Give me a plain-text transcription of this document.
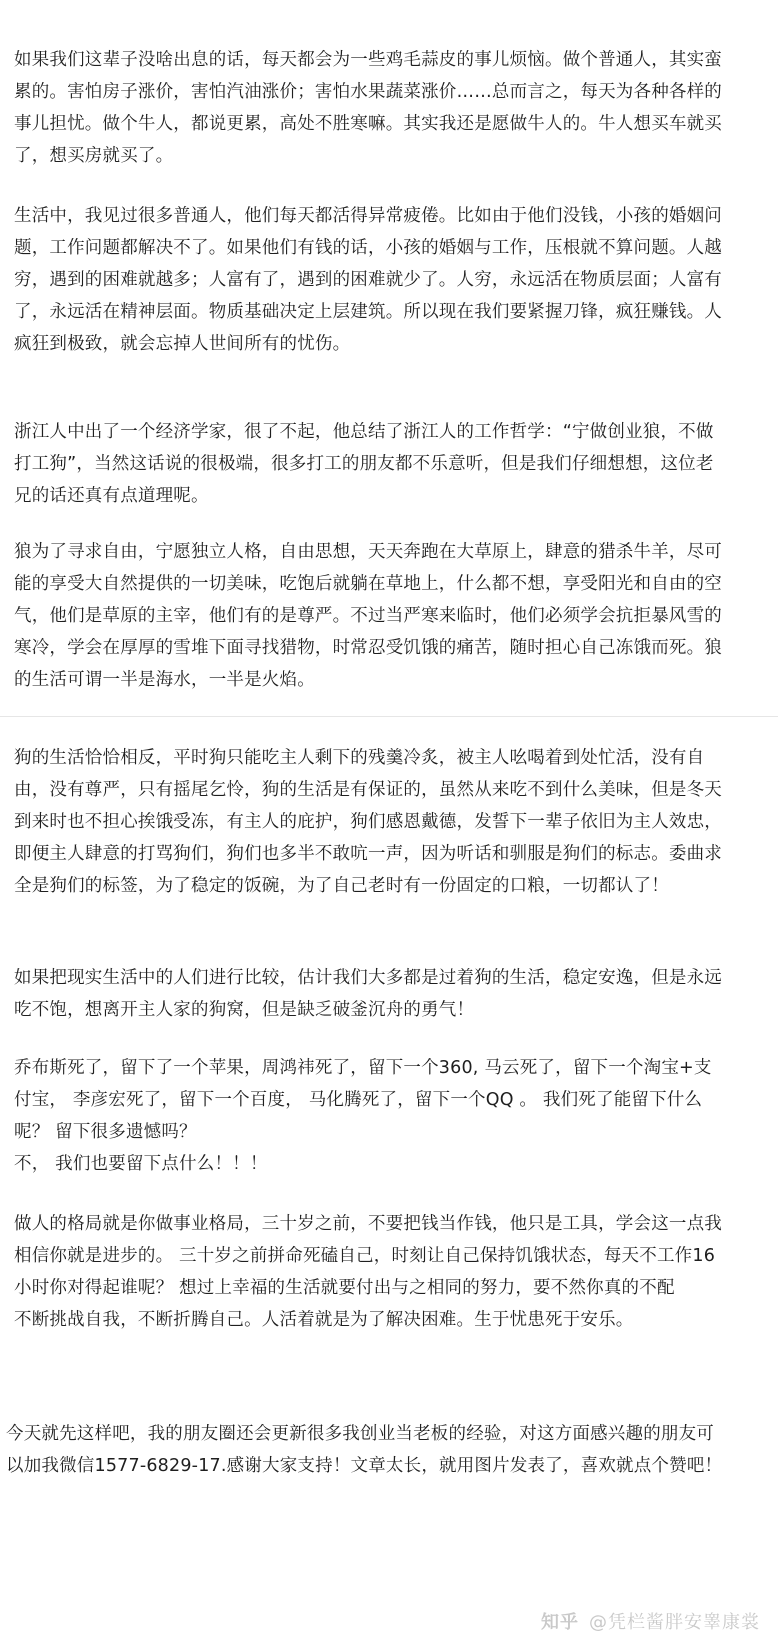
如果我们这辈子没啥出息的话，每天都会为一些鸡毛蒜皮的事儿烦恼。做个普通人，其实蛮累的。害怕房子涨价，害怕汽油涨价；害怕水果蔬菜涨价……总而言之，每天为各种各样的事儿担忧。做个牛人，都说更累，高处不胜寒嘛。其实我还是愿做牛人的。牛人想买车就买了，想买房就买了。
生活中，我见过很多普通人，他们每天都活得异常疲倦。比如由于他们没钱，小孩的婚姻问题，工作问题都解决不了。如果他们有钱的话，小孩的婚姻与工作，压根就不算问题。人越穷，遇到的困难就越多；人富有了，遇到的困难就少了。人穷，永远活在物质层面；人富有了，永远活在精神层面。物质基础决定上层建筑。所以现在我们要紧握刀锋，疯狂赚钱。人疯狂到极致，就会忘掉人世间所有的忧伤。
浙江人中出了一个经济学家，很了不起，他总结了浙江人的工作哲学：“宁做创业狼，不做打工狗”，当然这话说的很极端，很多打工的朋友都不乐意听，但是我们仔细想想，这位老兄的话还真有点道理呢。
狼为了寻求自由，宁愿独立人格，自由思想，天天奔跑在大草原上，肆意的猎杀牛羊，尽可能的享受大自然提供的一切美味，吃饱后就躺在草地上，什么都不想，享受阳光和自由的空气，他们是草原的主宰，他们有的是尊严。不过当严寒来临时，他们必须学会抗拒暴风雪的寒冷，学会在厚厚的雪堆下面寻找猎物，时常忍受饥饿的痛苦，随时担心自己冻饿而死。狼的生活可谓一半是海水，一半是火焰。
狗的生活恰恰相反，平时狗只能吃主人剩下的残羹冷炙，被主人吆喝着到处忙活，没有自由，没有尊严，只有摇尾乞怜，狗的生活是有保证的，虽然从来吃不到什么美味，但是冬天到来时也不担心挨饿受冻，有主人的庇护，狗们感恩戴德，发誓下一辈子依旧为主人效忠，即便主人肆意的打骂狗们，狗们也多半不敢吭一声，因为听话和驯服是狗们的标志。委曲求全是狗们的标签，为了稳定的饭碗，为了自己老时有一份固定的口粮，一切都认了！
如果把现实生活中的人们进行比较，估计我们大多都是过着狗的生活，稳定安逸，但是永远吃不饱，想离开主人家的狗窝，但是缺乏破釜沉舟的勇气！
乔布斯死了，留下了一个苹果，周鸿祎死了，留下一个360, 马云死了，留下一个淘宝+支付宝， 李彦宏死了，留下一个百度， 马化腾死了，留下一个QQ 。 我们死了能留下什么呢？ 留下很多遗憾吗？
不， 我们也要留下点什么！！！
做人的格局就是你做事业格局，三十岁之前，不要把钱当作钱，他只是工具，学会这一点我相信你就是进步的。 三十岁之前拼命死磕自己，时刻让自己保持饥饿状态，每天不工作16小时你对得起谁呢？ 想过上幸福的生活就要付出与之相同的努力，要不然你真的不配
不断挑战自我，不断折腾自己。人活着就是为了解决困难。生于忧患死于安乐。
今天就先这样吧，我的朋友圈还会更新很多我创业当老板的经验，对这方面感兴趣的朋友可以加我微信1577-6829-17.感谢大家支持！文章太长，就用图片发表了，喜欢就点个赞吧！
知乎 @凭栏酱胖安睾康裳
